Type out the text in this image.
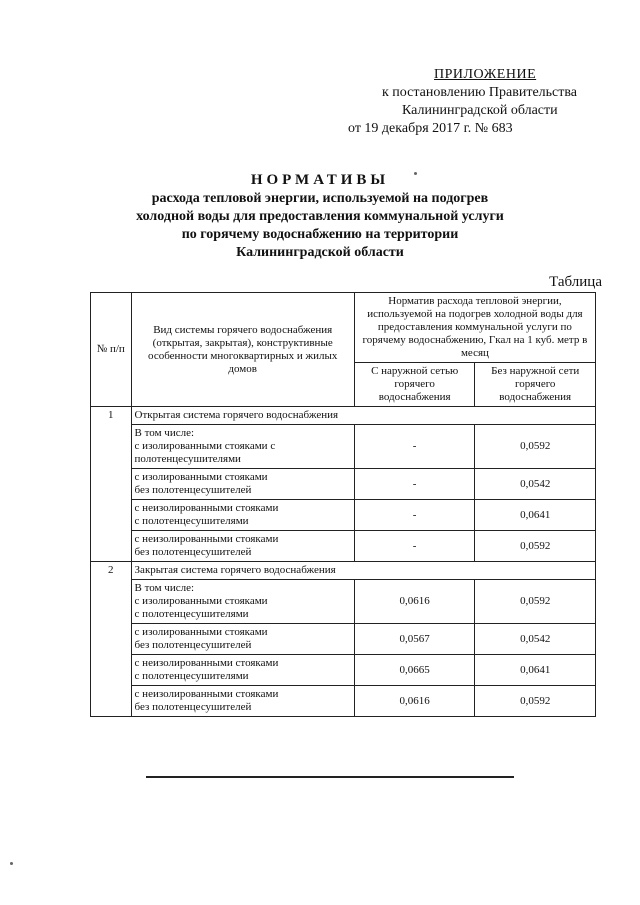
ПРИЛОЖЕНИЕ
к постановлению Правительства
Калининградской области
от 19 декабря 2017 г. № 683
НОРМАТИВЫ
расхода тепловой энергии, используемой на подогрев
холодной воды для предоставления коммунальной услуги
по горячему водоснабжению на территории
Калининградской области
Таблица
№ п/п	Вид системы горячего водоснабжения (открытая, закрытая), конструктивные особенности многоквартирных и жилых домов	Норматив расхода тепловой энергии, используемой на подогрев холодной воды для предоставления коммунальной услуги по горячему водоснабжению, Гкал на 1 куб. метр в месяц	
		С наружной сетью горячего водоснабжения	Без наружной сети горячего водоснабжения
1	Открытая система горячего водоснабжения		

	В том числе:
с изолированными стояками с
полотенцесушителями	-	0,0592

	с изолированными стояками
без полотенцесушителей	-	0,0542

	с неизолированными стояками
с полотенцесушителями	-	0,0641

	с неизолированными стояками
без полотенцесушителей	-	0,0592
2	Закрытая система горячего водоснабжения		

	В том числе:
с изолированными стояками
с полотенцесушителями	0,0616	0,0592

	с изолированными стояками
без полотенцесушителей	0,0567	0,0542

	с неизолированными стояками
с полотенцесушителями	0,0665	0,0641

	с неизолированными стояками
без полотенцесушителей	0,0616	0,0592
